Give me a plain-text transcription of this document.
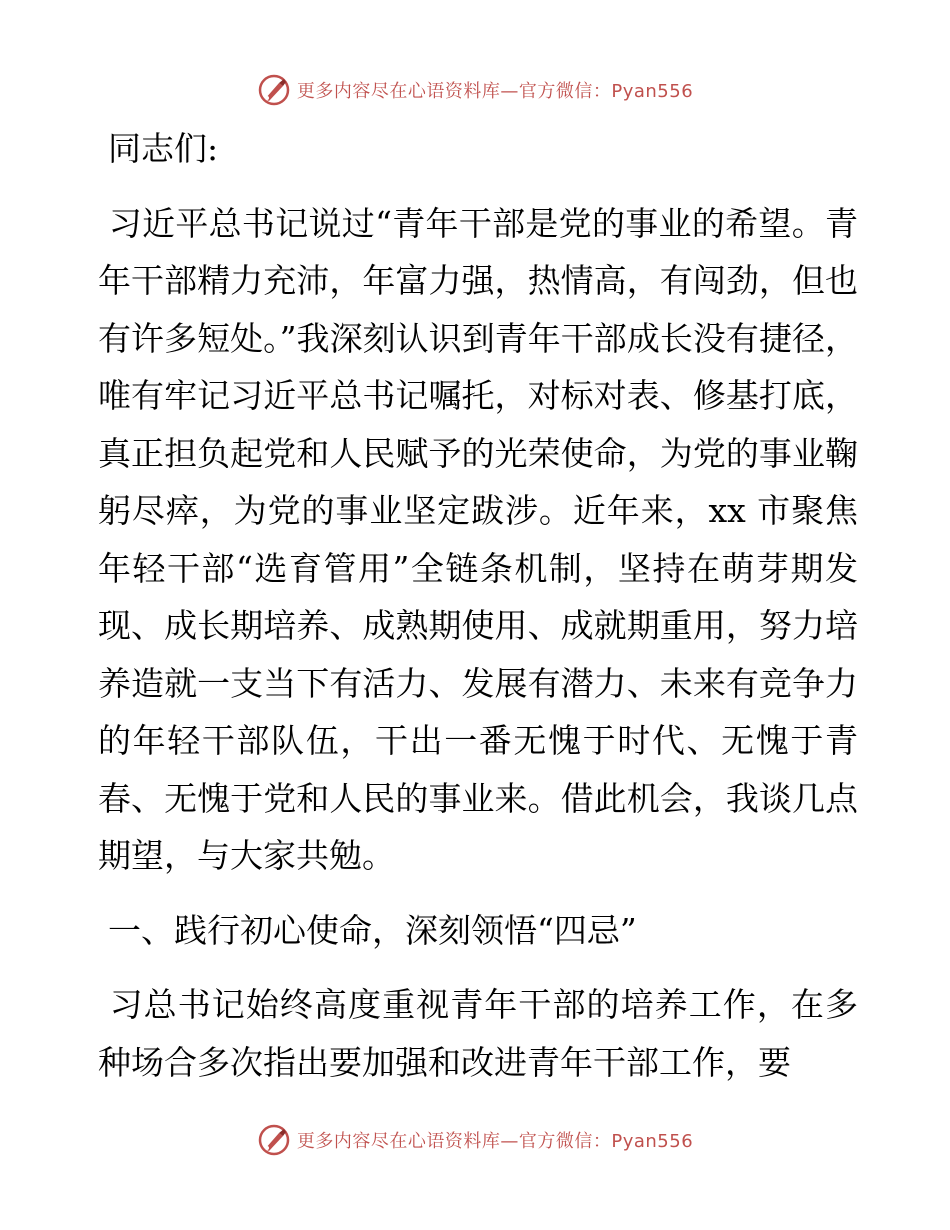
更多内容尽在心语资料库—官方微信：Pyan556

同志们:

习近平总书记说过“青年干部是党的事业的希望。青年干部精力充沛，年富力强，热情高，有闯劲，但也有许多短处。”我深刻认识到青年干部成长没有捷径，唯有牢记习近平总书记嘱托，对标对表、修基打底，真正担负起党和人民赋予的光荣使命，为党的事业鞠躬尽瘁，为党的事业坚定跋涉。近年来，xx 市聚焦年轻干部“选育管用”全链条机制，坚持在萌芽期发现、成长期培养、成熟期使用、成就期重用，努力培养造就一支当下有活力、发展有潜力、未来有竞争力的年轻干部队伍，干出一番无愧于时代、无愧于青春、无愧于党和人民的事业来。借此机会，我谈几点期望，与大家共勉。

一、践行初心使命，深刻领悟“四忌”

习总书记始终高度重视青年干部的培养工作，在多种场合多次指出要加强和改进青年干部工作，要

更多内容尽在心语资料库—官方微信：Pyan556
